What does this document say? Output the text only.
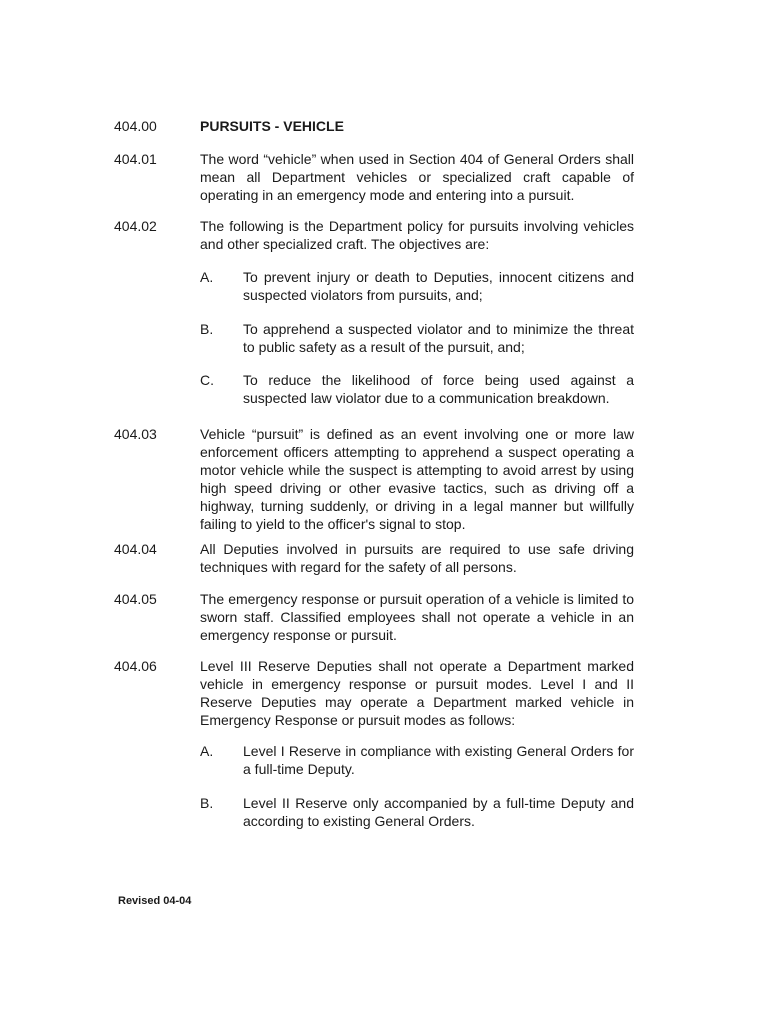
404.00	PURSUITS - VEHICLE
404.01	The word “vehicle” when used in Section 404 of General Orders shall mean all Department vehicles or specialized craft capable of operating in an emergency mode and entering into a pursuit.
404.02	The following is the Department policy for pursuits involving vehicles and other specialized craft. The objectives are:
A.	To prevent injury or death to Deputies, innocent citizens and suspected violators from pursuits, and;
B.	To apprehend a suspected violator and to minimize the threat to public safety as a result of the pursuit, and;
C.	To reduce the likelihood of force being used against a suspected law violator due to a communication breakdown.
404.03	Vehicle “pursuit” is defined as an event involving one or more law enforcement officers attempting to apprehend a suspect operating a motor vehicle while the suspect is attempting to avoid arrest by using high speed driving or other evasive tactics, such as driving off a highway, turning suddenly, or driving in a legal manner but willfully failing to yield to the officer's signal to stop.
404.04	All Deputies involved in pursuits are required to use safe driving techniques with regard for the safety of all persons.
404.05	The emergency response or pursuit operation of a vehicle is limited to sworn staff. Classified employees shall not operate a vehicle in an emergency response or pursuit.
404.06	Level III Reserve Deputies shall not operate a Department marked vehicle in emergency response or pursuit modes. Level I and II Reserve Deputies may operate a Department marked vehicle in Emergency Response or pursuit modes as follows:
A.	Level I Reserve in compliance with existing General Orders for a full-time Deputy.
B.	Level II Reserve only accompanied by a full-time Deputy and according to existing General Orders.
Revised 04-04
